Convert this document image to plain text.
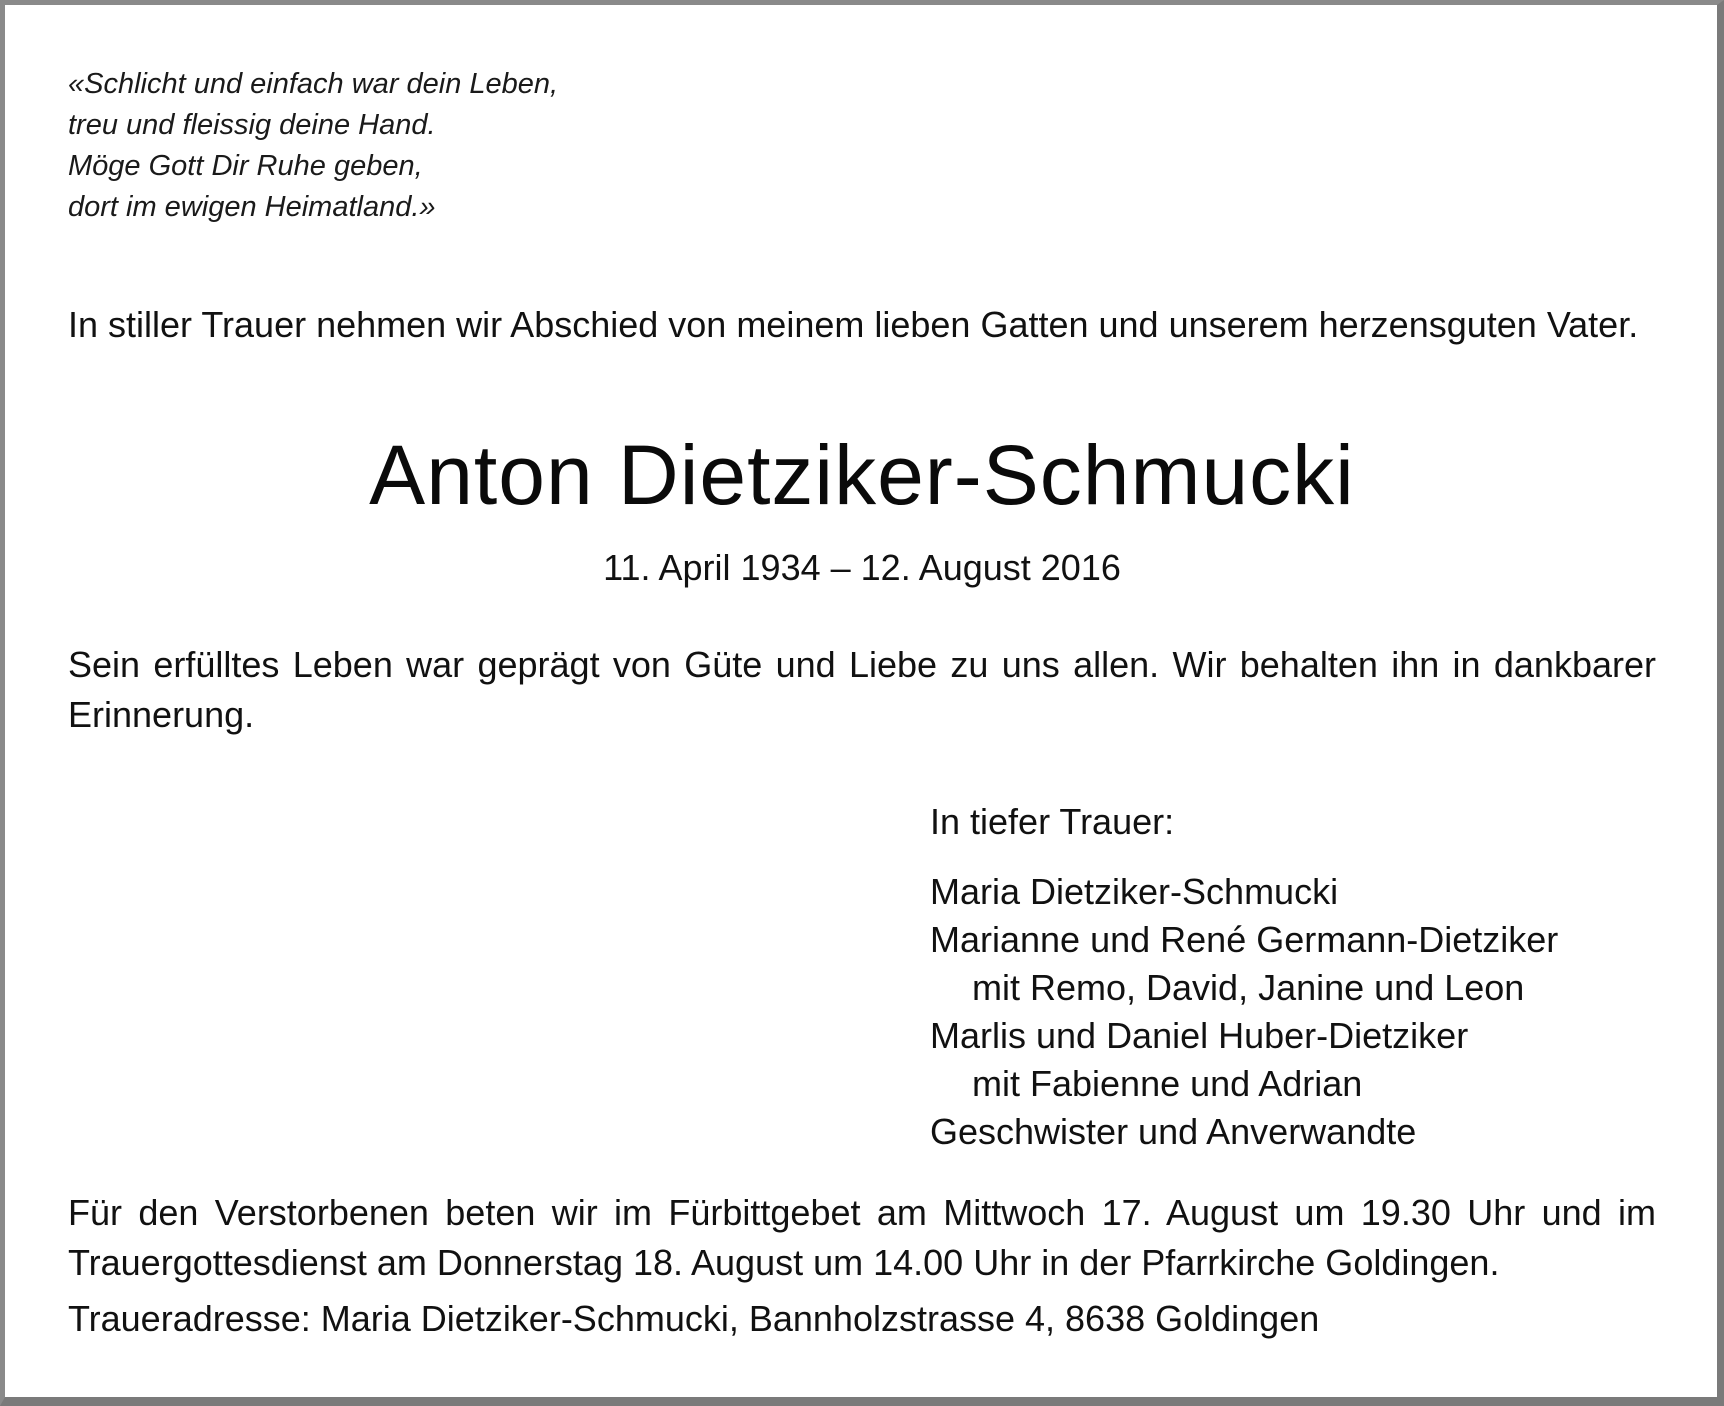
«Schlicht und einfach war dein Leben,
treu und fleissig deine Hand.
Möge Gott Dir Ruhe geben,
dort im ewigen Heimatland.»
In stiller Trauer nehmen wir Abschied von meinem lieben Gatten und unserem herzensguten Vater.
Anton Dietziker-Schmucki
11. April 1934 – 12. August 2016
Sein erfülltes Leben war geprägt von Güte und Liebe zu uns allen. Wir behalten ihn in dankbarer Erinnerung.
In tiefer Trauer:
Maria Dietziker-Schmucki
Marianne und René Germann-Dietziker
mit Remo, David, Janine und Leon
Marlis und Daniel Huber-Dietziker
mit Fabienne und Adrian
Geschwister und Anverwandte
Für den Verstorbenen beten wir im Fürbittgebet am Mittwoch 17. August um 19.30 Uhr und im Trauergottesdienst am Donnerstag 18. August um 14.00 Uhr in der Pfarrkirche Goldingen.
Traueradresse: Maria Dietziker-Schmucki, Bannholzstrasse 4, 8638 Goldingen
